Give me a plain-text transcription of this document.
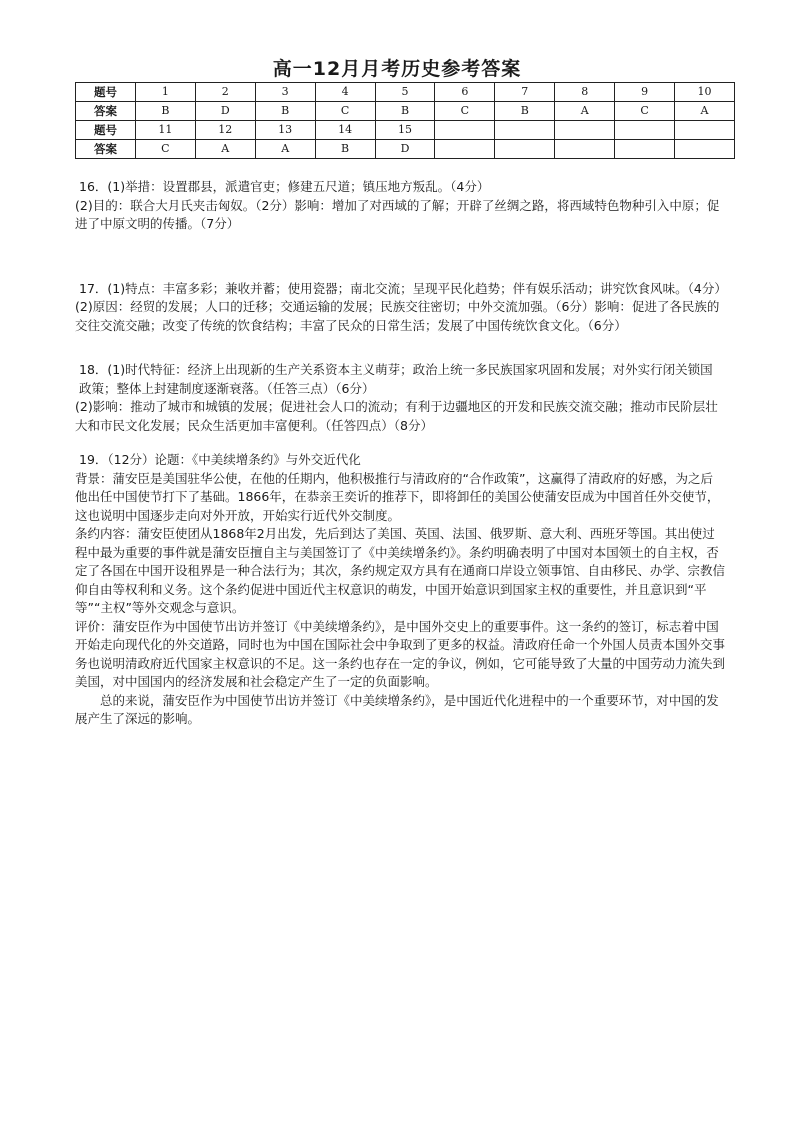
高一12月月考历史参考答案
题号	1	2	3	4	5	6	7	8	9	10
答案	B	D	B	C	B	C	B	A	C	A
题号	11	12	13	14	15					
答案	C	A	A	B	D					

16．(1)举措：设置郡县，派遣官吏；修建五尺道；镇压地方叛乱。（4分）

(2)目的：联合大月氏夹击匈奴。（2分）影响：增加了对西域的了解；开辟了丝绸之路，将西域特色物种引入中原；促进了中原文明的传播。（7分）

17．(1)特点：丰富多彩；兼收并蓄；使用瓷器；南北交流；呈现平民化趋势；伴有娱乐活动；讲究饮食风味。（4分）

(2)原因：经贸的发展；人口的迁移；交通运输的发展；民族交往密切；中外交流加强。（6分）影响：促进了各民族的交往交流交融；改变了传统的饮食结构；丰富了民众的日常生活；发展了中国传统饮食文化。（6分）

18．(1)时代特征：经济上出现新的生产关系资本主义萌芽；政治上统一多民族国家巩固和发展；对外实行闭关锁国政策；整体上封建制度逐渐衰落。（任答三点）（6分）

(2)影响：推动了城市和城镇的发展；促进社会人口的流动；有利于边疆地区的开发和民族交流交融；推动市民阶层壮大和市民文化发展；民众生活更加丰富便利。（任答四点）（8分）

19．（12分）论题：《中美续增条约》与外交近代化

背景：蒲安臣是美国驻华公使，在他的任期内，他积极推行与清政府的“合作政策”，这赢得了清政府的好感，为之后他出任中国使节打下了基础。1866年，在恭亲王奕䜣的推荐下，即将卸任的美国公使蒲安臣成为中国首任外交使节，这也说明中国逐步走向对外开放，开始实行近代外交制度。

条约内容：蒲安臣使团从1868年2月出发，先后到达了美国、英国、法国、俄罗斯、意大利、西班牙等国。其出使过程中最为重要的事件就是蒲安臣擅自主与美国签订了《中美续增条约》。条约明确表明了中国对本国领土的自主权，否定了各国在中国开设租界是一种合法行为；其次，条约规定双方具有在通商口岸设立领事馆、自由移民、办学、宗教信仰自由等权利和义务。这个条约促进中国近代主权意识的萌发，中国开始意识到国家主权的重要性，并且意识到“平等”“主权”等外交观念与意识。

评价：蒲安臣作为中国使节出访并签订《中美续增条约》，是中国外交史上的重要事件。这一条约的签订，标志着中国开始走向现代化的外交道路，同时也为中国在国际社会中争取到了更多的权益。清政府任命一个外国人员责本国外交事务也说明清政府近代国家主权意识的不足。这一条约也存在一定的争议，例如，它可能导致了大量的中国劳动力流失到美国，对中国国内的经济发展和社会稳定产生了一定的负面影响。

总的来说，蒲安臣作为中国使节出访并签订《中美续增条约》，是中国近代化进程中的一个重要环节，对中国的发展产生了深远的影响。
